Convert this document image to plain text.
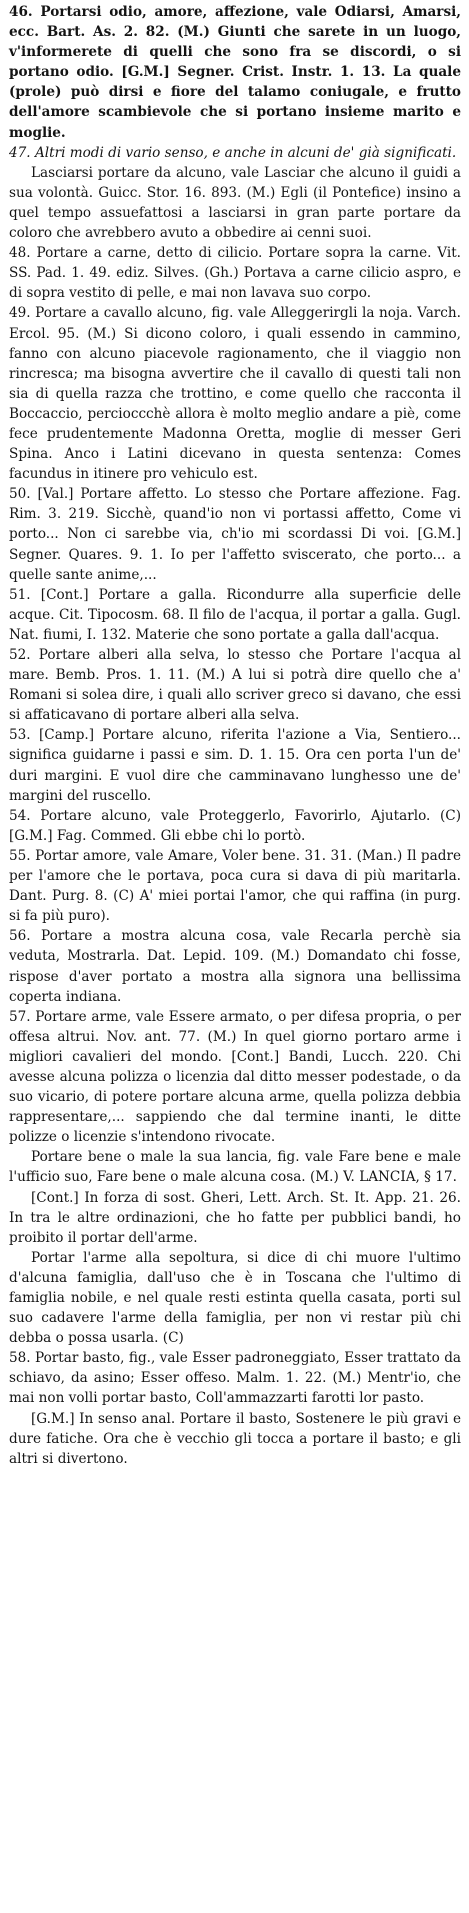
46. Portarsi odio, amore, affezione, vale Odiarsi, Amarsi, ecc. Bart. As. 2. 82. (M.) Giunti che sarete in un luogo, v'informerete di quelli che sono fra se discordi, o si portano odio. [G.M.] Segner. Crist. Instr. 1. 13. La quale (prole) può dirsi e fiore del talamo coniugale, e frutto dell'amore scambievole che si portano insieme marito e moglie.

47. Altri modi di vario senso, e anche in alcuni de' già significati.

Lasciarsi portare da alcuno, vale Lasciar che alcuno il guidi a sua volontà. Guicc. Stor. 16. 893. (M.) Egli (il Pontefice) insino a quel tempo assuefattosi a lasciarsi in gran parte portare da coloro che avrebbero avuto a obbedire ai cenni suoi.

48. Portare a carne, detto di cilicio. Portare sopra la carne. Vit. SS. Pad. 1. 49. ediz. Silves. (Gh.) Portava a carne cilicio aspro, e di sopra vestito di pelle, e mai non lavava suo corpo.

49. Portare a cavallo alcuno, fig. vale Alleggerirgli la noja. Varch. Ercol. 95. (M.) Si dicono coloro, i quali essendo in cammino, fanno con alcuno piacevole ragionamento, che il viaggio non rincresca; ma bisogna avvertire che il cavallo di questi tali non sia di quella razza che trottino, e come quello che racconta il Boccaccio, percioccchè allora è molto meglio andare a piè, come fece prudentemente Madonna Oretta, moglie di messer Geri Spina. Anco i Latini dicevano in questa sentenza: Comes facundus in itinere pro vehiculo est.

50. [Val.] Portare affetto. Lo stesso che Portare affezione. Fag. Rim. 3. 219. Sicchè, quand'io non vi portassi affetto, Come vi porto... Non ci sarebbe via, ch'io mi scordassi Di voi. [G.M.] Segner. Quares. 9. 1. Io per l'affetto sviscerato, che porto... a quelle sante anime,...

51. [Cont.] Portare a galla. Ricondurre alla superficie delle acque. Cit. Tipocosm. 68. Il filo de l'acqua, il portar a galla. Gugl. Nat. fiumi, I. 132. Materie che sono portate a galla dall'acqua.

52. Portare alberi alla selva, lo stesso che Portare l'acqua al mare. Bemb. Pros. 1. 11. (M.) A lui si potrà dire quello che a' Romani si solea dire, i quali allo scriver greco si davano, che essi si affaticavano di portare alberi alla selva.

53. [Camp.] Portare alcuno, riferita l'azione a Via, Sentiero... significa guidarne i passi e sim. D. 1. 15. Ora cen porta l'un de' duri margini. E vuol dire che camminavano lunghesso une de' margini del ruscello.

54. Portare alcuno, vale Proteggerlo, Favorirlo, Ajutarlo. (C) [G.M.] Fag. Commed. Gli ebbe chi lo portò.

55. Portar amore, vale Amare, Voler bene. 31. 31. (Man.) Il padre per l'amore che le portava, poca cura si dava di più maritarla. Dant. Purg. 8. (C) A' miei portai l'amor, che qui raffina (in purg. si fa più puro).

56. Portare a mostra alcuna cosa, vale Recarla perchè sia veduta, Mostrarla. Dat. Lepid. 109. (M.) Domandato chi fosse, rispose d'aver portato a mostra alla signora una bellissima coperta indiana.

57. Portare arme, vale Essere armato, o per difesa propria, o per offesa altrui. Nov. ant. 77. (M.) In quel giorno portaro arme i migliori cavalieri del mondo. [Cont.] Bandi, Lucch. 220. Chi avesse alcuna polizza o licenzia dal ditto messer podestade, o da suo vicario, di potere portare alcuna arme, quella polizza debbia rappresentare,... sappiendo che dal termine inanti, le ditte polizze o licenzie s'intendono rivocate.

Portare bene o male la sua lancia, fig. vale Fare bene e male l'ufficio suo, Fare bene o male alcuna cosa. (M.) V. LANCIA, § 17.

[Cont.] In forza di sost. Gheri, Lett. Arch. St. It. App. 21. 26. In tra le altre ordinazioni, che ho fatte per pubblici bandi, ho proibito il portar dell'arme.

Portar l'arme alla sepoltura, si dice di chi muore l'ultimo d'alcuna famiglia, dall'uso che è in Toscana che l'ultimo di famiglia nobile, e nel quale resti estinta quella casata, porti sul suo cadavere l'arme della famiglia, per non vi restar più chi debba o possa usarla. (C)

58. Portar basto, fig., vale Esser padroneggiato, Esser trattato da schiavo, da asino; Esser offeso. Malm. 1. 22. (M.) Mentr'io, che mai non volli portar basto, Coll'ammazzarti farotti lor pasto.

[G.M.] In senso anal. Portare il basto, Sostenere le più gravi e dure fatiche. Ora che è vecchio gli tocca a portare il basto; e gli altri si divertono.
